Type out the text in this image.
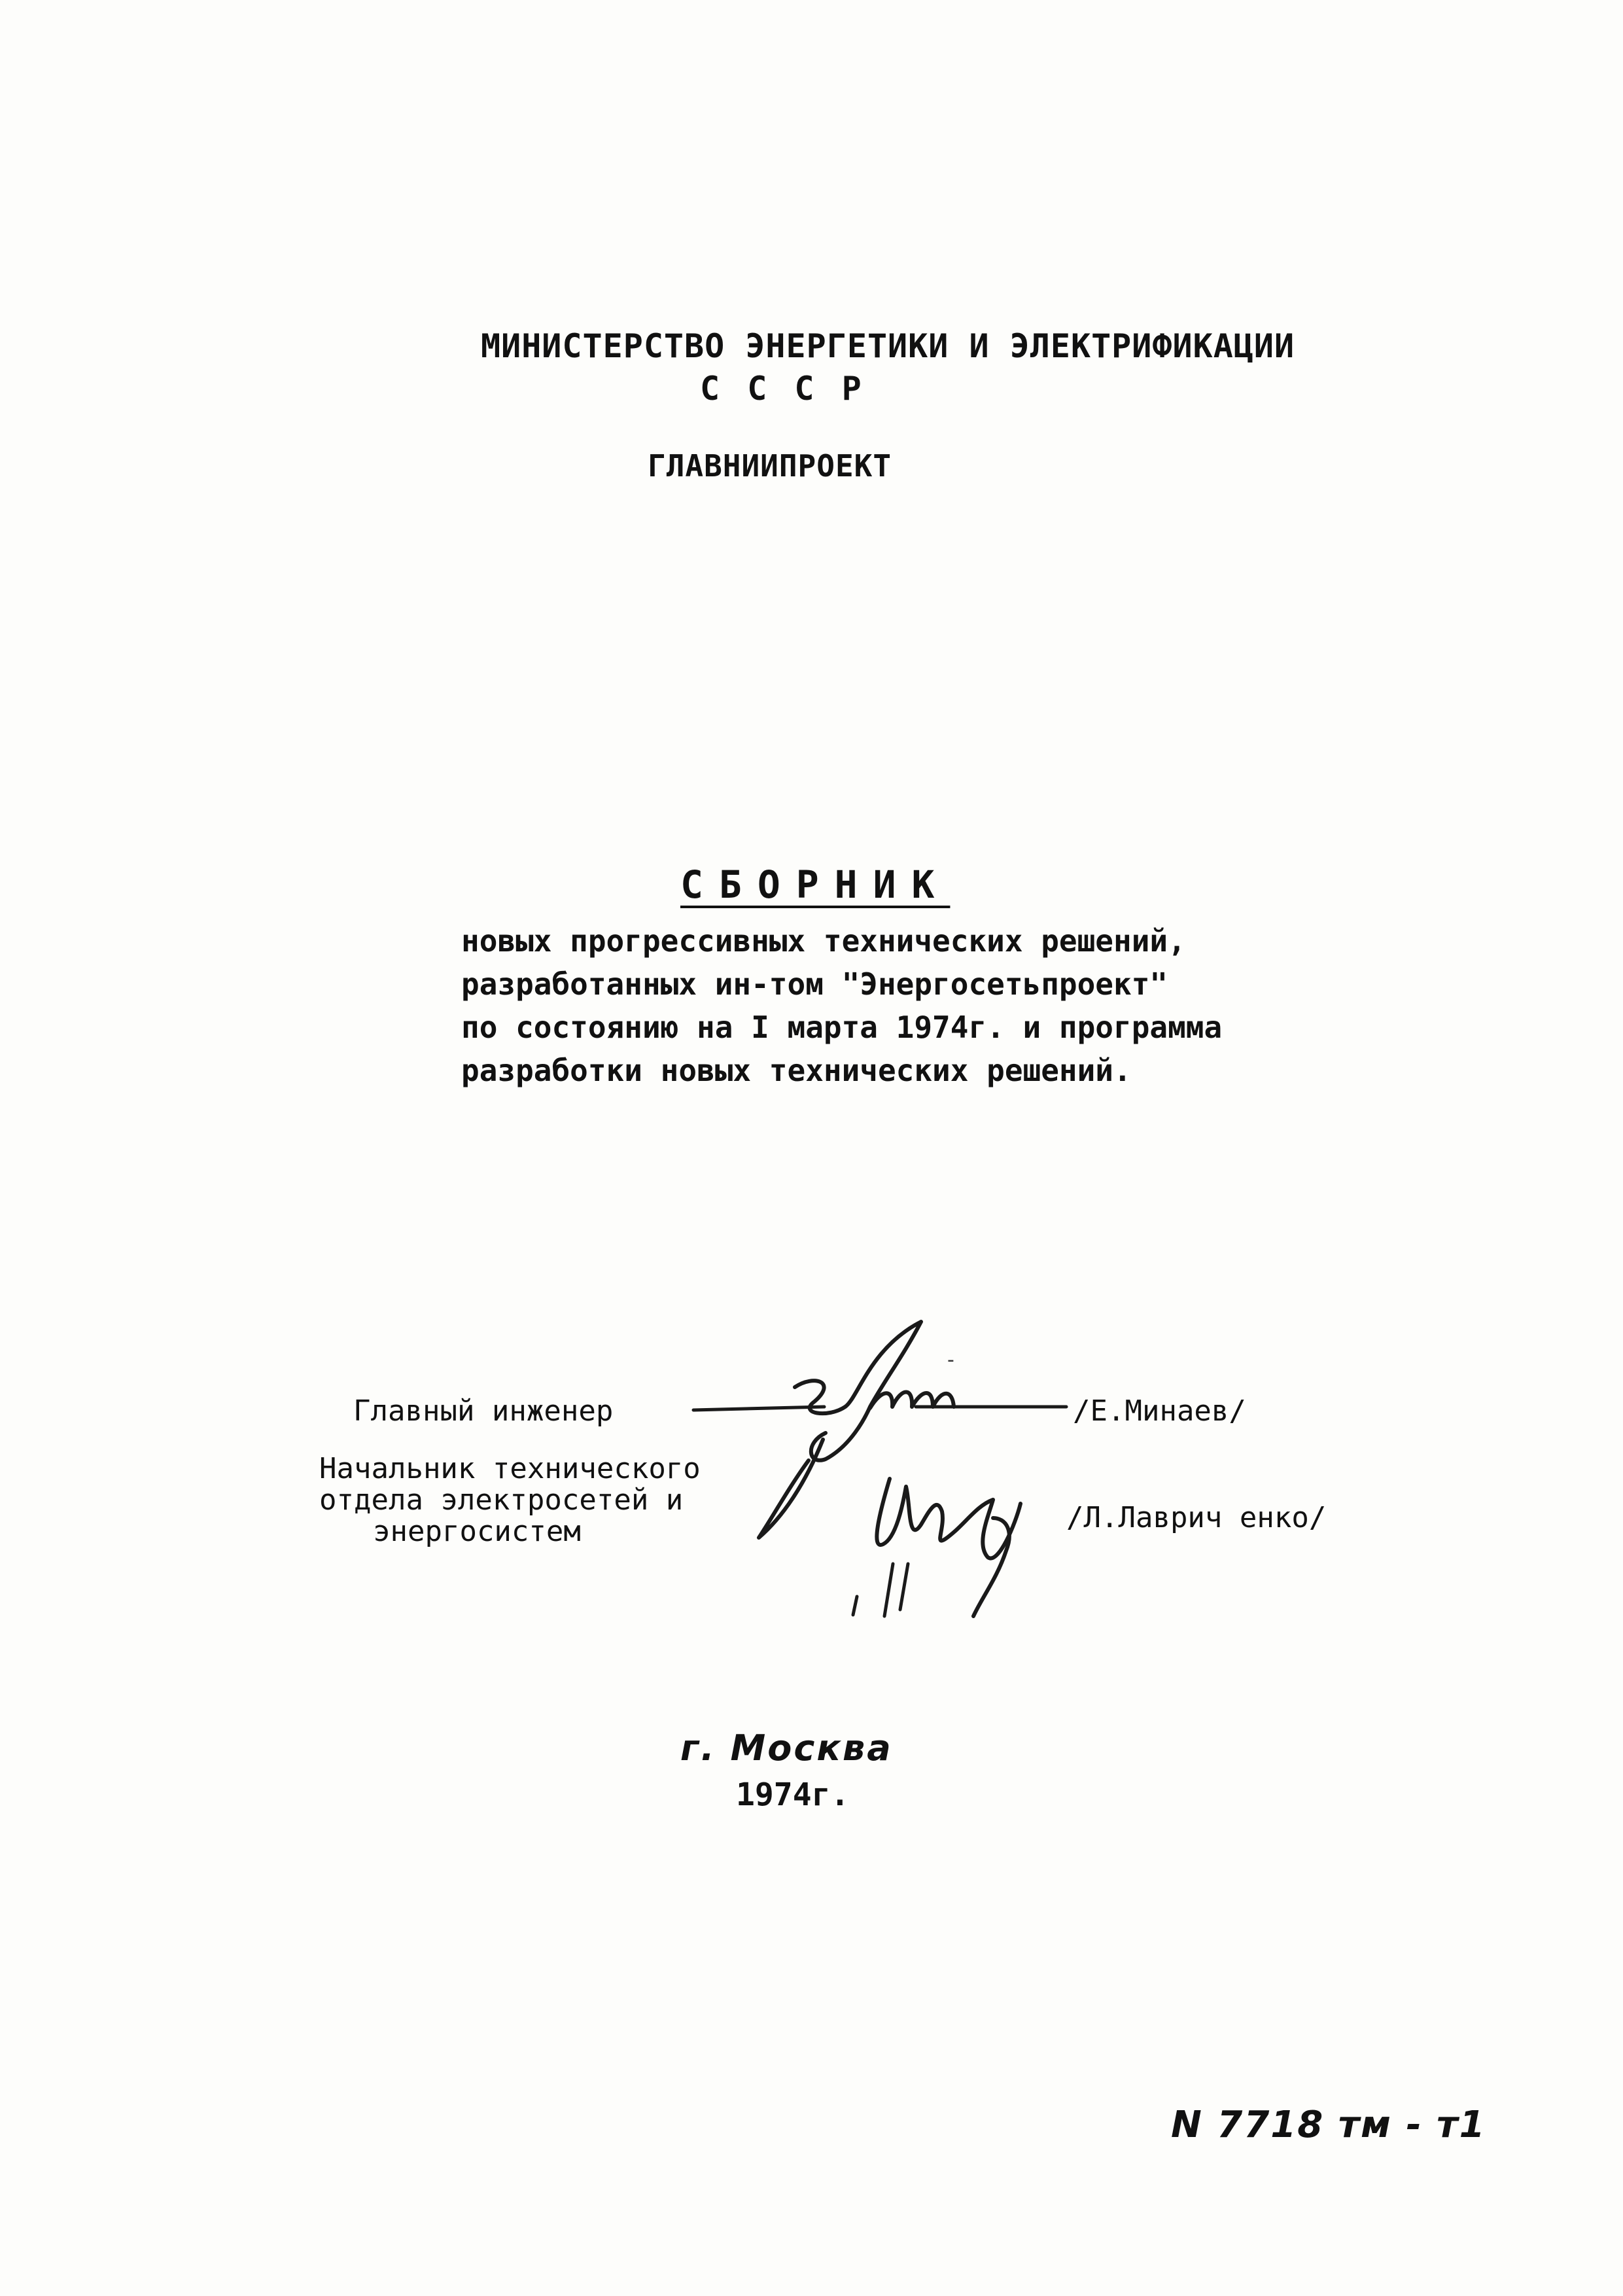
МИНИСТЕРСТВО ЭНЕРГЕТИКИ И ЭЛЕКТРИФИКАЦИИ
С С С Р
ГЛАВНИИПРОЕКТ
СБОРНИК
новых прогрессивных технических решений,
разработанных ин-том "Энергосетьпроект"
по состоянию на I марта 1974г. и программа
разработки новых технических решений.
Главный инженер	/Е.Минаев/
Начальник технического
отдела электросетей и
энергосистем	/Л.Лаврич енко/
-
г. Москва
1974г.
N 7718 тм - т1
